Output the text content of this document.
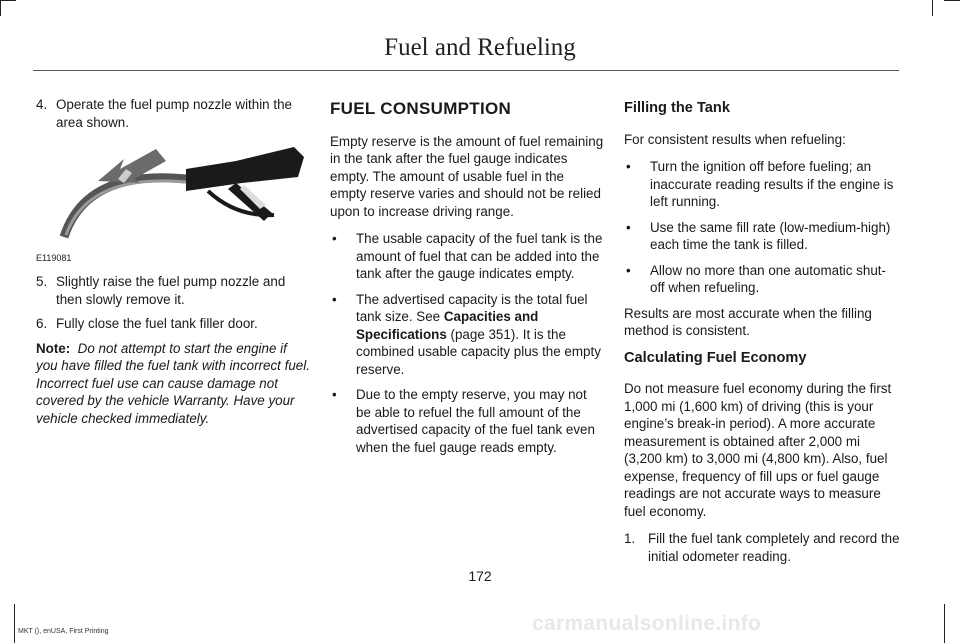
Fuel and Refueling
4. Operate the fuel pump nozzle within the area shown.
E119081
5. Slightly raise the fuel pump nozzle and then slowly remove it.
6. Fully close the fuel tank filler door.

Note: Do not attempt to start the engine if you have filled the fuel tank with incorrect fuel. Incorrect fuel use can cause damage not covered by the vehicle Warranty. Have your vehicle checked immediately.

FUEL CONSUMPTION

Empty reserve is the amount of fuel remaining in the tank after the fuel gauge indicates empty. The amount of usable fuel in the empty reserve varies and should not be relied upon to increase driving range.

•	The usable capacity of the fuel tank is the amount of fuel that can be added into the tank after the gauge indicates empty.
•	The advertised capacity is the total fuel tank size. See Capacities and Specifications (page 351). It is the combined usable capacity plus the empty reserve.
•	Due to the empty reserve, you may not be able to refuel the full amount of the advertised capacity of the fuel tank even when the fuel gauge reads empty.
Filling the Tank

For consistent results when refueling:

•	Turn the ignition off before fueling; an inaccurate reading results if the engine is left running.
•	Use the same fill rate (low-medium-high) each time the tank is filled.
•	Allow no more than one automatic shut-off when refueling.

Results are most accurate when the filling method is consistent.

Calculating Fuel Economy

Do not measure fuel economy during the first 1,000 mi (1,600 km) of driving (this is your engine’s break-in period). A more accurate measurement is obtained after 2,000 mi (3,200 km) to 3,000 mi (4,800 km). Also, fuel expense, frequency of fill ups or fuel gauge readings are not accurate ways to measure fuel economy.

1. Fill the fuel tank completely and record the initial odometer reading.
172
MKT (), enUSA, First Printing	carmanualsonline.info
